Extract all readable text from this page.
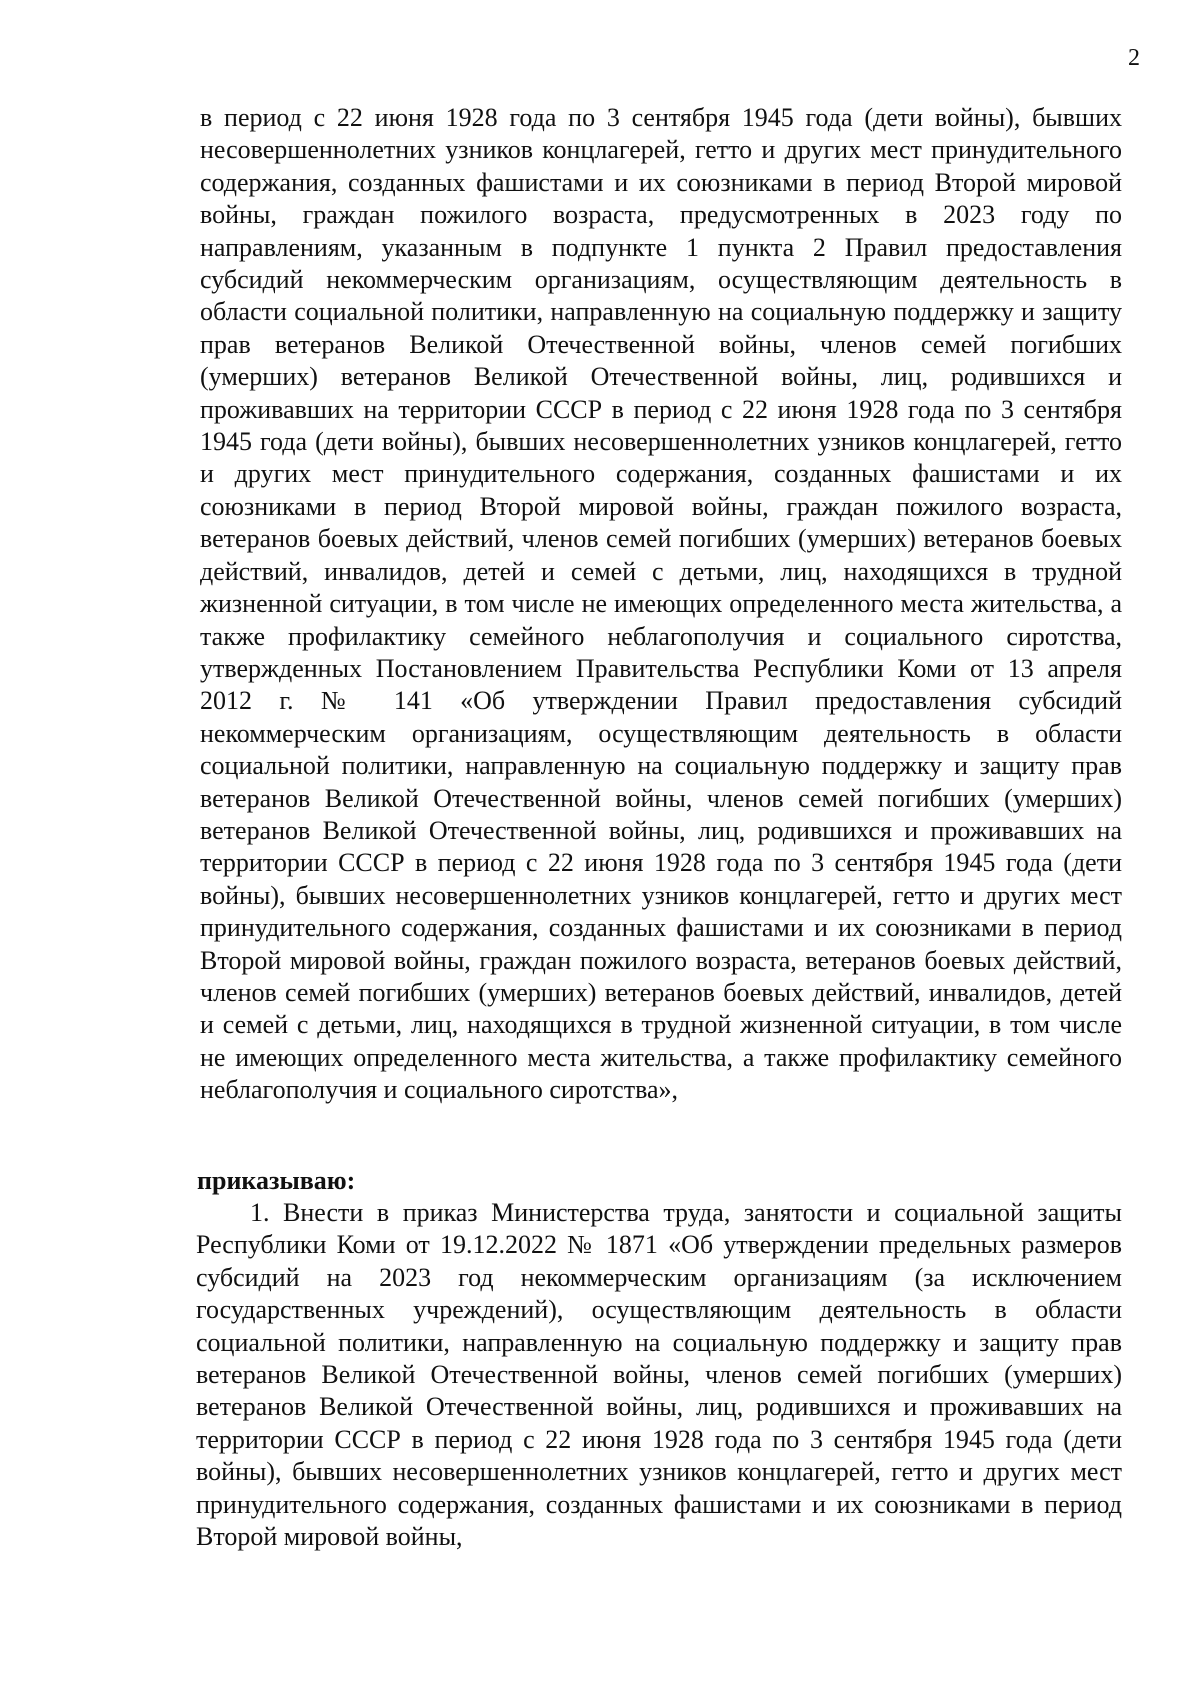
2

в период с 22 июня 1928 года по 3 сентября 1945 года (дети войны), бывших несовершеннолетних узников концлагерей, гетто и других мест принудительного содержания, созданных фашистами и их союзниками в период Второй мировой войны, граждан пожилого возраста, предусмотренных в 2023 году по направлениям, указанным в подпункте 1 пункта 2 Правил предоставления субсидий некоммерческим организациям, осуществляющим деятельность в области социальной политики, направленную на социальную поддержку и защиту прав ветеранов Великой Отечественной войны, членов семей погибших (умерших) ветеранов Великой Отечественной войны, лиц, родившихся и проживавших на территории СССР в период с 22 июня 1928 года по 3 сентября 1945 года (дети войны), бывших несовершеннолетних узников концлагерей, гетто и других мест принудительного содержания, созданных фашистами и их союзниками в период Второй мировой войны, граждан пожилого возраста, ветеранов боевых действий, членов семей погибших (умерших) ветеранов боевых действий, инвалидов, детей и семей с детьми, лиц, находящихся в трудной жизненной ситуации, в том числе не имеющих определенного места жительства, а также профилактику семейного неблагополучия и социального сиротства, утвержденных Постановлением Правительства Республики Коми от 13 апреля 2012 г. № 141 «Об утверждении Правил предоставления субсидий некоммерческим организациям, осуществляющим деятельность в области социальной политики, направленную на социальную поддержку и защиту прав ветеранов Великой Отечественной войны, членов семей погибших (умерших) ветеранов Великой Отечественной войны, лиц, родившихся и проживавших на территории СССР в период с 22 июня 1928 года по 3 сентября 1945 года (дети войны), бывших несовершеннолетних узников концлагерей, гетто и других мест принудительного содержания, созданных фашистами и их союзниками в период Второй мировой войны, граждан пожилого возраста, ветеранов боевых действий, членов семей погибших (умерших) ветеранов боевых действий, инвалидов, детей и семей с детьми, лиц, находящихся в трудной жизненной ситуации, в том числе не имеющих определенного места жительства, а также профилактику семейного неблагополучия и социального сиротства»,

приказываю:

1. Внести в приказ Министерства труда, занятости и социальной защиты Республики Коми от 19.12.2022 № 1871 «Об утверждении предельных размеров субсидий на 2023 год некоммерческим организациям (за исключением государственных учреждений), осуществляющим деятельность в области социальной политики, направленную на социальную поддержку и защиту прав ветеранов Великой Отечественной войны, членов семей погибших (умерших) ветеранов Великой Отечественной войны, лиц, родившихся и проживавших на территории СССР в период с 22 июня 1928 года по 3 сентября 1945 года (дети войны), бывших несовершеннолетних узников концлагерей, гетто и других мест принудительного содержания, созданных фашистами и их союзниками в период Второй мировой войны,
